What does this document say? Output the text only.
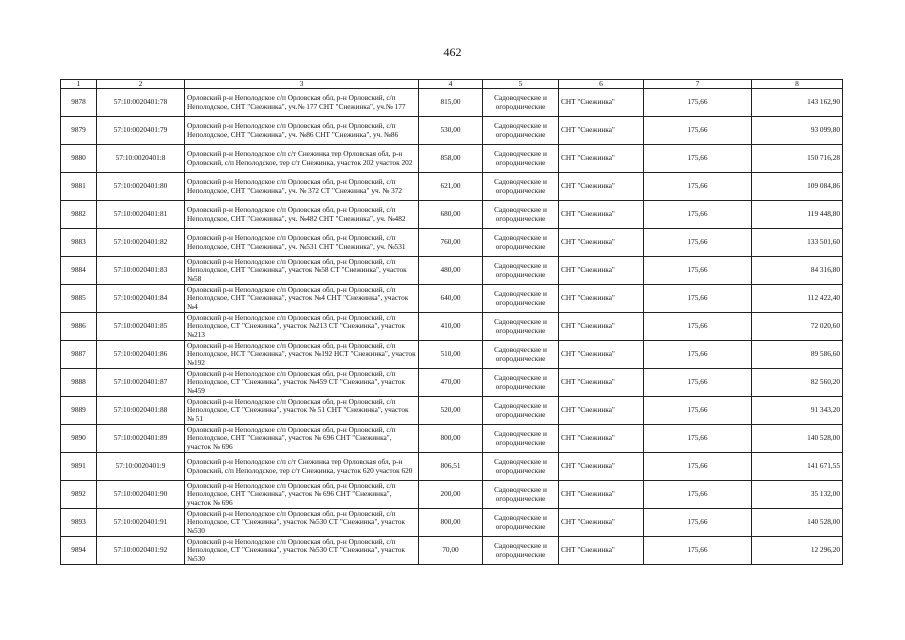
462
1	2	3	4	5	6	7	8
9878	57:10:0020401:78	Орловский р-н Неполодское с/п Орловская обл, р-н Орловский, с/п Неполодское, СНТ "Снежинка", уч.№ 177 СНТ "Снежинка", уч.№ 177	815,00	Садоводческие и огороднические	СНТ "Снежинка"	175,66	143 162,90
9879	57:10:0020401:79	Орловский р-н Неполодское с/п Орловская обл, р-н Орловский, с/п Неполодское, СНТ "Снежинка", уч. №86 СНТ "Снежинка", уч. №86	530,00	Садоводческие и огороднические	СНТ "Снежинка"	175,66	93 099,80
9880	57:10:0020401:8	Орловский р-н Неполодское с/п с/т Снежинка тер Орловская обл, р-н Орловский, с/п Неполодское, тер с/т Снежинка, участок 202 участок 202	858,00	Садоводческие и огороднические	СНТ "Снежинка"	175,66	150 716,28
9881	57:10:0020401:80	Орловский р-н Неполодское с/п Орловская обл, р-н Орловский, с/п Неполодское, СНТ "Снежинка", уч. № 372 СТ "Снежинка" уч. № 372	621,00	Садоводческие и огороднические	СНТ "Снежинка"	175,66	109 084,86
9882	57:10:0020401:81	Орловский р-н Неполодское с/п Орловская обл, р-н Орловский, с/п Неполодское, СНТ "Снежинка", уч. №482 СНТ "Снежинка", уч. №482	680,00	Садоводческие и огороднические	СНТ "Снежинка"	175,66	119 448,80
9883	57:10:0020401:82	Орловский р-н Неполодское с/п Орловская обл, р-н Орловский, с/п Неполодское, СНТ "Снежинка", уч. №531 СНТ "Снежинка", уч. №531	760,00	Садоводческие и огороднические	СНТ "Снежинка"	175,66	133 501,60
9884	57:10:0020401:83	Орловский р-н Неполодское с/п Орловская обл, р-н Орловский, с/п Неполодское, СНТ "Снежинка", участок №58 СТ "Снежинка", участок №58	480,00	Садоводческие и огороднические	СНТ "Снежинка"	175,66	84 316,80
9885	57:10:0020401:84	Орловский р-н Неполодское с/п Орловская обл, р-н Орловский, с/п Неполодское, СНТ "Снежинка", участок №4 СНТ "Снежинка", участок №4	640,00	Садоводческие и огороднические	СНТ "Снежинка"	175,66	112 422,40
9886	57:10:0020401:85	Орловский р-н Неполодское с/п Орловская обл, р-н Орловский, с/п Неполодское, СТ "Снежинка", участок №213 СТ "Снежинка", участок №213	410,00	Садоводческие и огороднические	СНТ "Снежинка"	175,66	72 020,60
9887	57:10:0020401:86	Орловский р-н Неполодское с/п Орловская обл, р-н Орловский, с/п Неполодское, НСТ "Снежинка", участок №192 НСТ "Снежинка", участок №192	510,00	Садоводческие и огороднические	СНТ "Снежинка"	175,66	89 586,60
9888	57:10:0020401:87	Орловский р-н Неполодское с/п Орловская обл, р-н Орловский, с/п Неполодское, СТ "Снежинка", участок №459 СТ "Снежинка", участок №459	470,00	Садоводческие и огороднические	СНТ "Снежинка"	175,66	82 560,20
9889	57:10:0020401:88	Орловский р-н Неполодское с/п Орловская обл, р-н Орловский, с/п Неполодское, СТ "Снежинка", участок № 51 СНТ "Снежинка", участок № 51	520,00	Садоводческие и огороднические	СНТ "Снежинка"	175,66	91 343,20
9890	57:10:0020401:89	Орловский р-н Неполодское с/п Орловская обл, р-н Орловский, с/п Неполодское, СНТ "Снежинка", участок № 696 СНТ "Снежинка", участок № 696	800,00	Садоводческие и огороднические	СНТ "Снежинка"	175,66	140 528,00
9891	57:10:0020401:9	Орловский р-н Неполодское с/п с/т Снежинка тер Орловская обл, р-н Орловский, с/п Неполодское, тер с/т Снежинка, участок 620 участок 620	806,51	Садоводческие и огороднические	СНТ "Снежинка"	175,66	141 671,55
9892	57:10:0020401:90	Орловский р-н Неполодское с/п Орловская обл, р-н Орловский, с/п Неполодское, СНТ "Снежинка", участок № 696 СНТ "Снежинка", участок № 696	200,00	Садоводческие и огороднические	СНТ "Снежинка"	175,66	35 132,00
9893	57:10:0020401:91	Орловский р-н Неполодское с/п Орловская обл, р-н Орловский, с/п Неполодское, СТ "Снежинка", участок №530 СТ "Снежинка", участок №530	800,00	Садоводческие и огороднические	СНТ "Снежинка"	175,66	140 528,00
9894	57:10:0020401:92	Орловский р-н Неполодское с/п Орловская обл, р-н Орловский, с/п Неполодское, СТ "Снежинка", участок №530 СТ "Снежинка", участок №530	70,00	Садоводческие и огороднические	СНТ "Снежинка"	175,66	12 296,20
